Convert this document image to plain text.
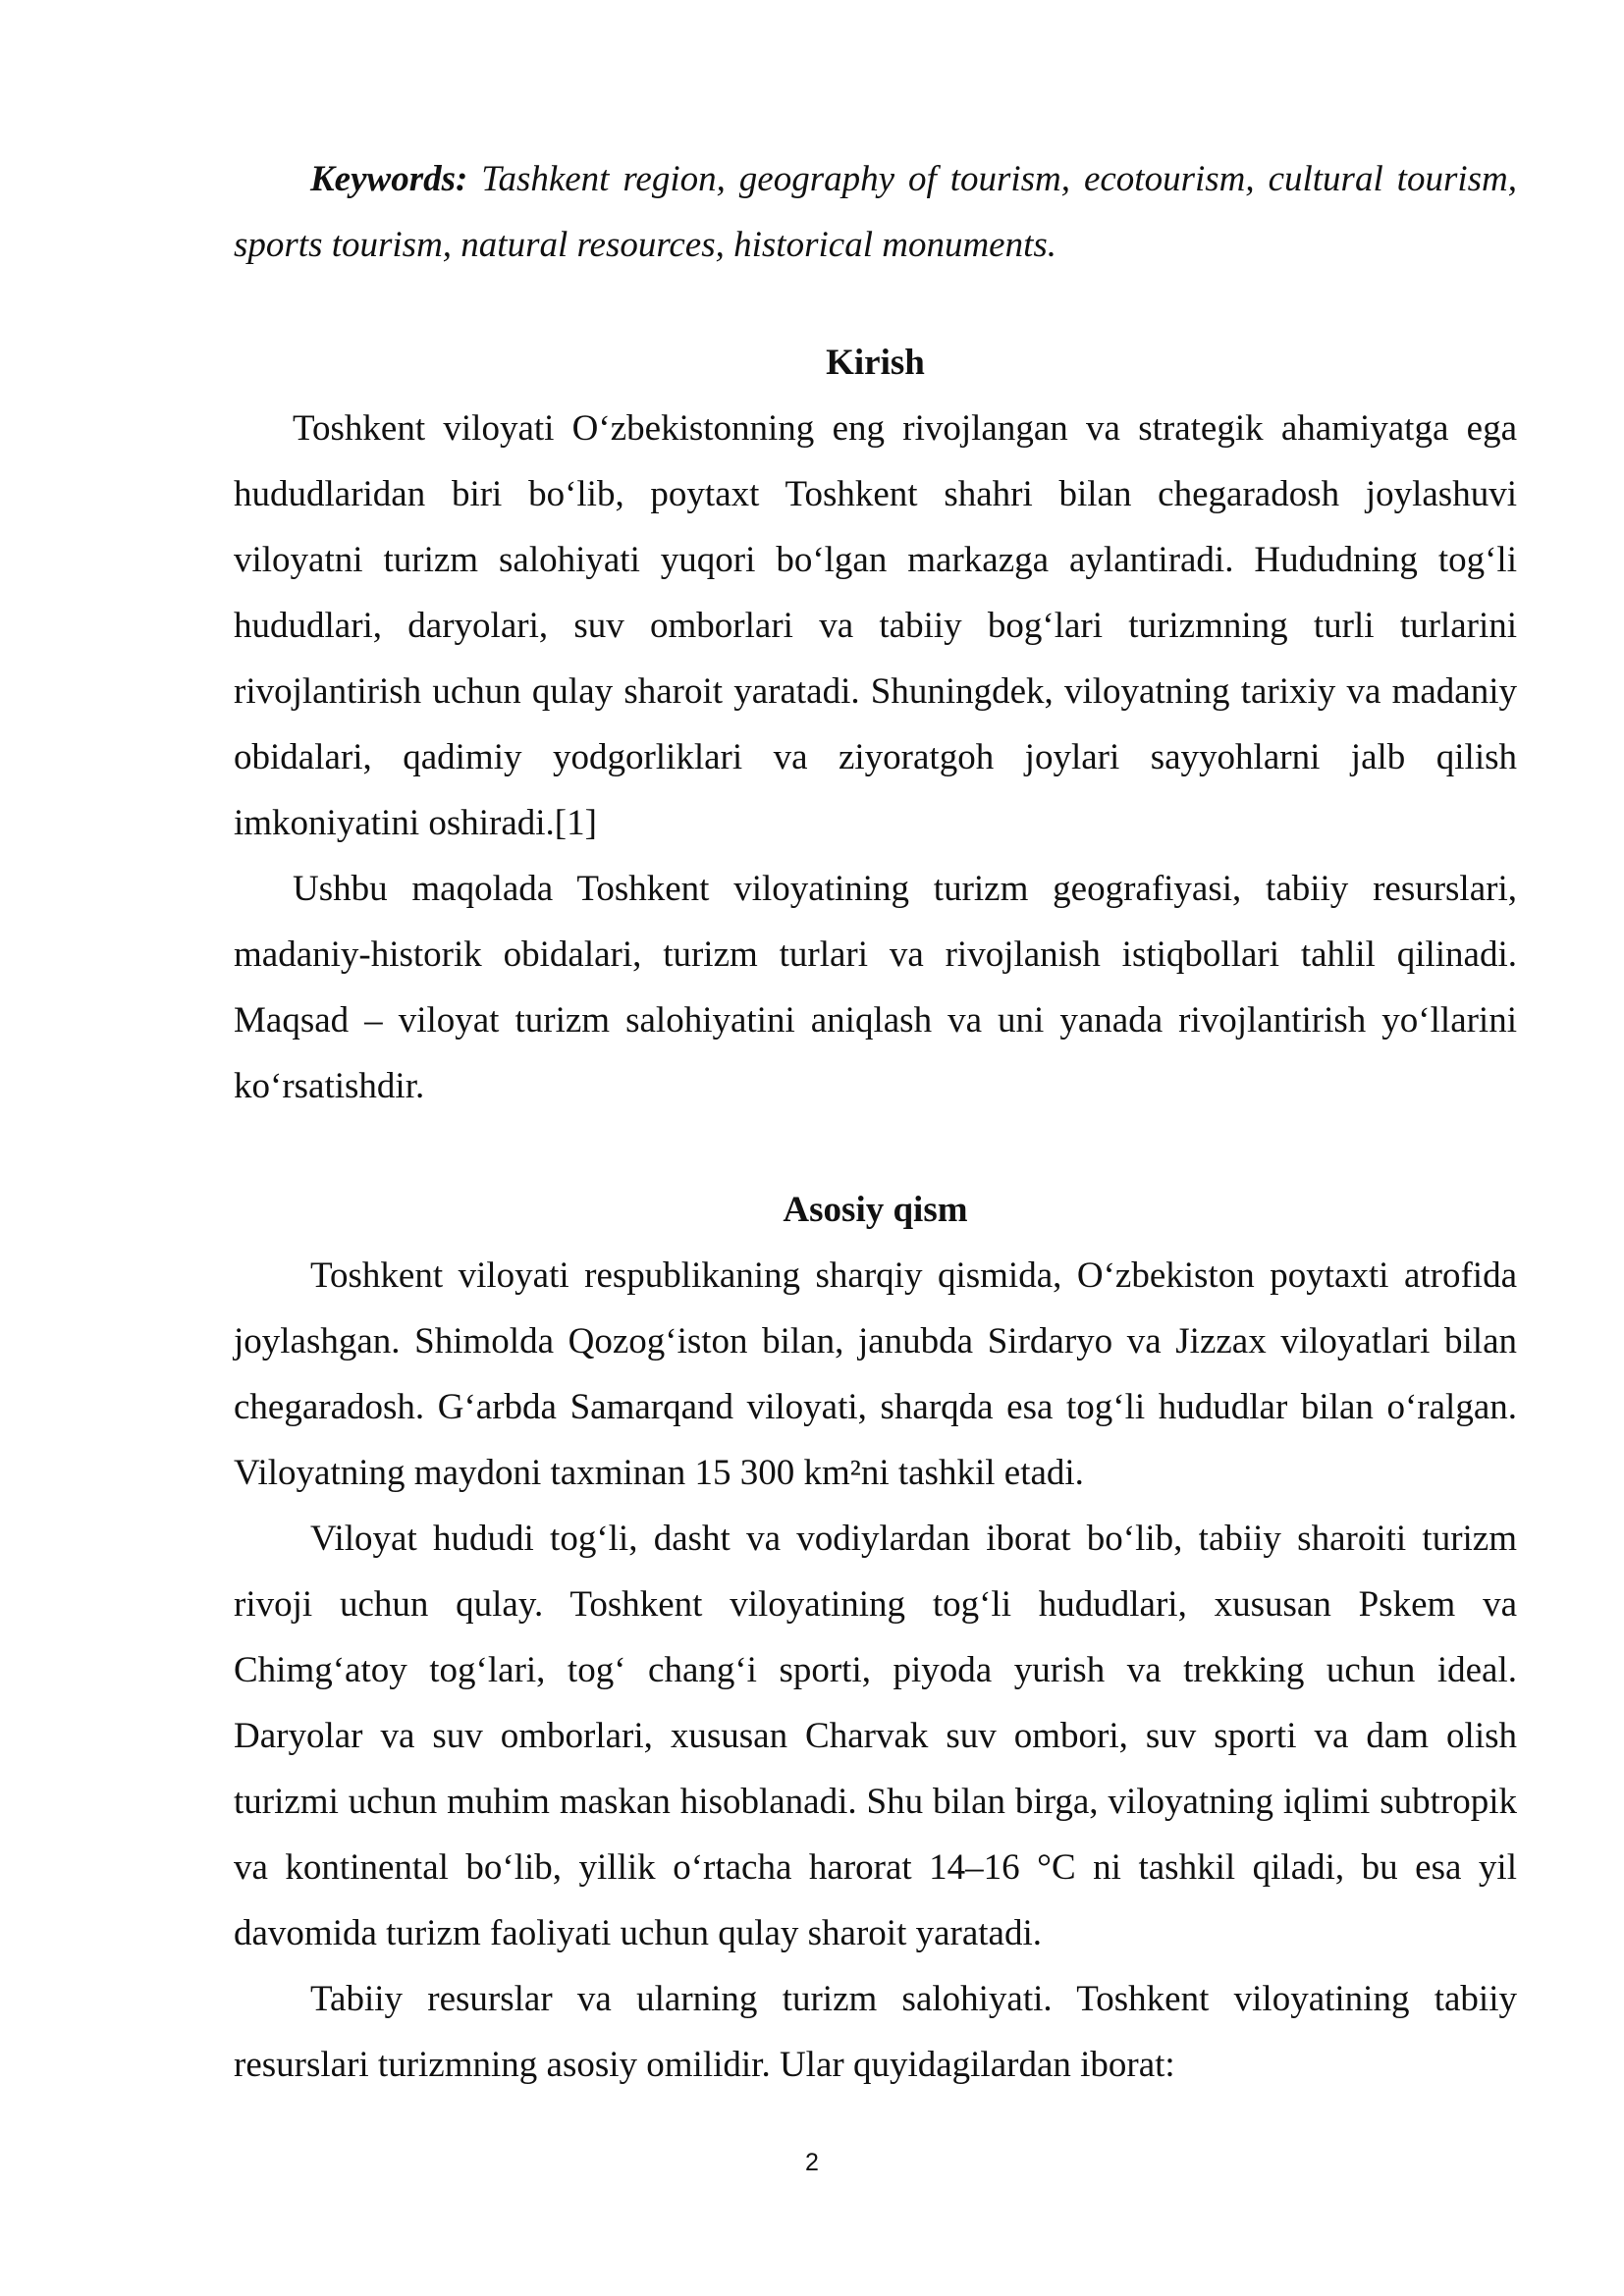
Keywords: Tashkent region, geography of tourism, ecotourism, cultural tourism, sports tourism, natural resources, historical monuments.

Kirish

Toshkent viloyati O‘zbekistonning eng rivojlangan va strategik ahamiyatga ega hududlaridan biri bo‘lib, poytaxt Toshkent shahri bilan chegaradosh joylashuvi viloyatni turizm salohiyati yuqori bo‘lgan markazga aylantiradi. Hududning tog‘li hududlari, daryolari, suv omborlari va tabiiy bog‘lari turizmning turli turlarini rivojlantirish uchun qulay sharoit yaratadi. Shuningdek, viloyatning tarixiy va madaniy obidalari, qadimiy yodgorliklari va ziyoratgoh joylari sayyohlarni jalb qilish imkoniyatini oshiradi.[1]

Ushbu maqolada Toshkent viloyatining turizm geografiyasi, tabiiy resurslari, madaniy-historik obidalari, turizm turlari va rivojlanish istiqbollari tahlil qilinadi. Maqsad – viloyat turizm salohiyatini aniqlash va uni yanada rivojlantirish yo‘llarini ko‘rsatishdir.

Asosiy qism

Toshkent viloyati respublikaning sharqiy qismida, O‘zbekiston poytaxti atrofida joylashgan. Shimolda Qozog‘iston bilan, janubda Sirdaryo va Jizzax viloyatlari bilan chegaradosh. G‘arbda Samarqand viloyati, sharqda esa tog‘li hududlar bilan o‘ralgan. Viloyatning maydoni taxminan 15 300 km²ni tashkil etadi.

Viloyat hududi tog‘li, dasht va vodiylardan iborat bo‘lib, tabiiy sharoiti turizm rivoji uchun qulay. Toshkent viloyatining tog‘li hududlari, xususan Pskem va Chimg‘atoy tog‘lari, tog‘ chang‘i sporti, piyoda yurish va trekking uchun ideal. Daryolar va suv omborlari, xususan Charvak suv ombori, suv sporti va dam olish turizmi uchun muhim maskan hisoblanadi. Shu bilan birga, viloyatning iqlimi subtropik va kontinental bo‘lib, yillik o‘rtacha harorat 14–16 °C ni tashkil qiladi, bu esa yil davomida turizm faoliyati uchun qulay sharoit yaratadi.

Tabiiy resurslar va ularning turizm salohiyati. Toshkent viloyatining tabiiy resurslari turizmning asosiy omilidir. Ular quyidagilardan iborat:

2
